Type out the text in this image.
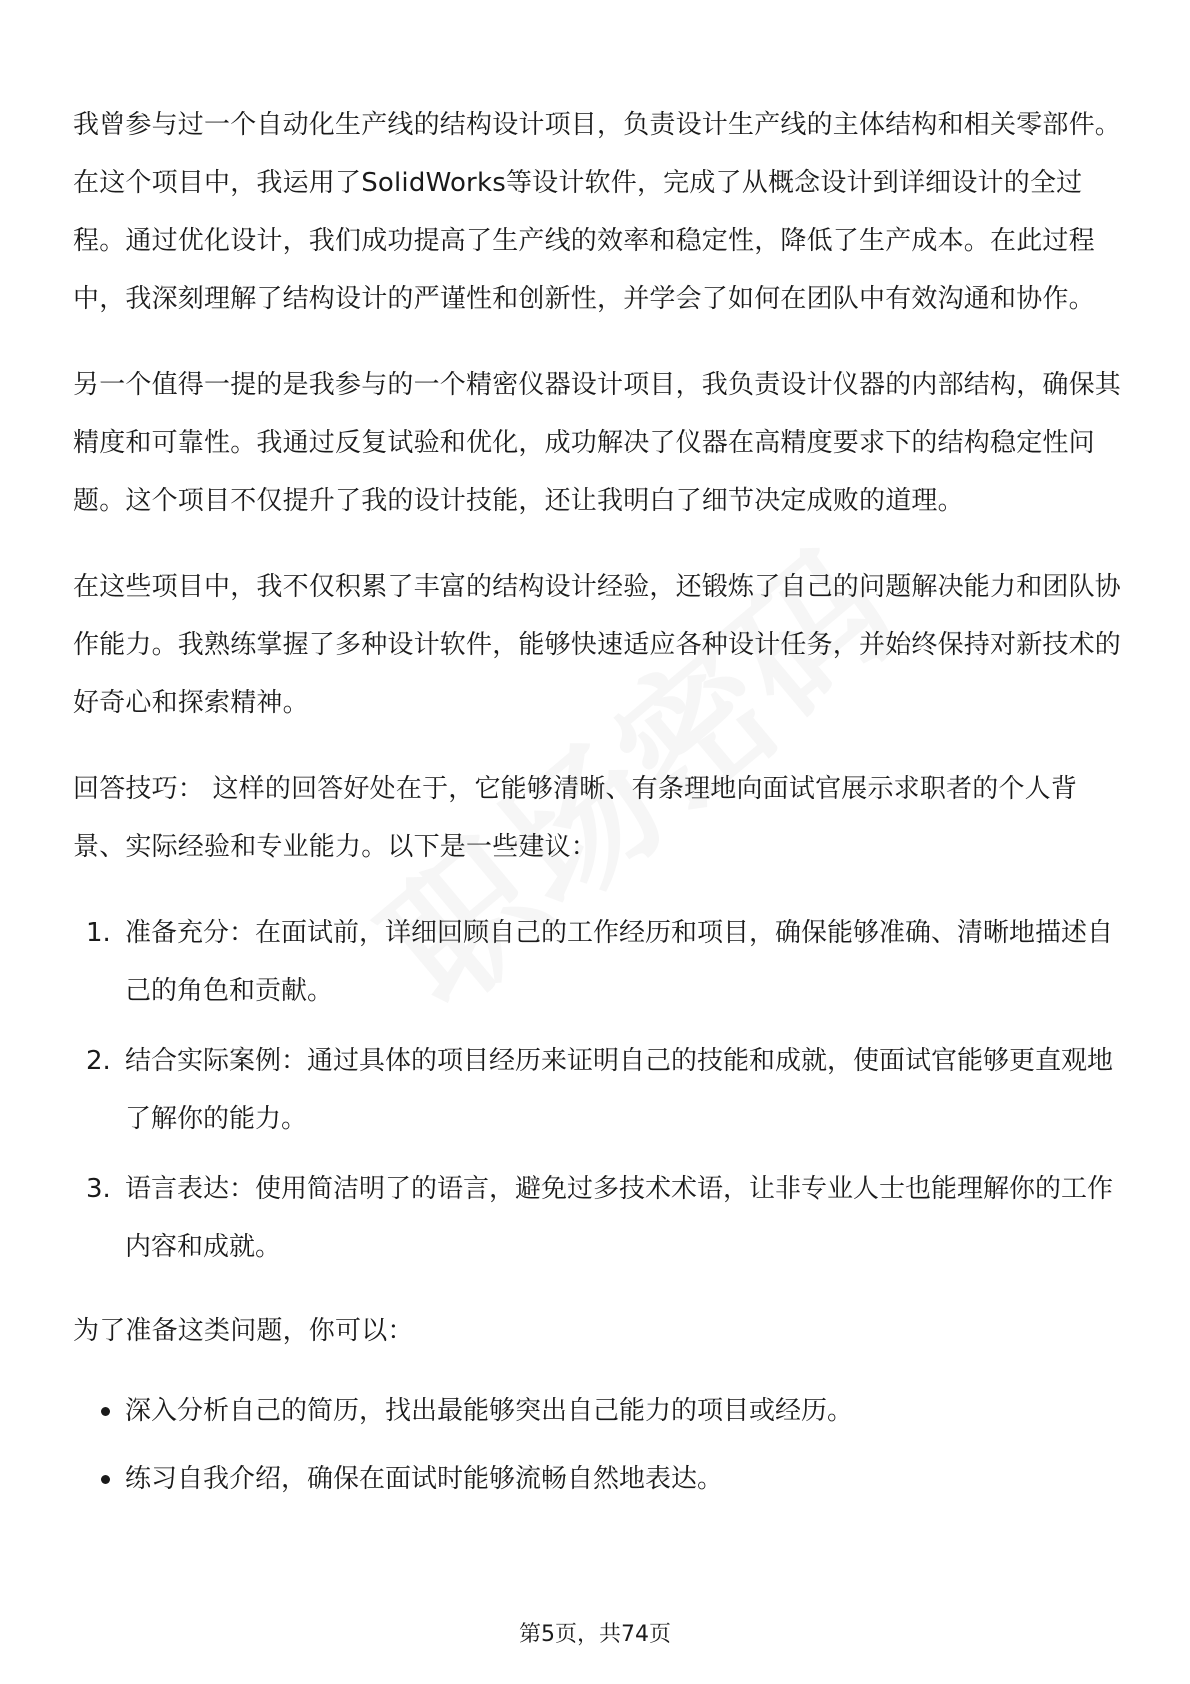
我曾参与过一个自动化生产线的结构设计项目，负责设计生产线的主体结构和相关零部件。在这个项目中，我运用了SolidWorks等设计软件，完成了从概念设计到详细设计的全过程。通过优化设计，我们成功提高了生产线的效率和稳定性，降低了生产成本。在此过程中，我深刻理解了结构设计的严谨性和创新性，并学会了如何在团队中有效沟通和协作。

另一个值得一提的是我参与的一个精密仪器设计项目，我负责设计仪器的内部结构，确保其精度和可靠性。我通过反复试验和优化，成功解决了仪器在高精度要求下的结构稳定性问题。这个项目不仅提升了我的设计技能，还让我明白了细节决定成败的道理。

在这些项目中，我不仅积累了丰富的结构设计经验，还锻炼了自己的问题解决能力和团队协作能力。我熟练掌握了多种设计软件，能够快速适应各种设计任务，并始终保持对新技术的好奇心和探索精神。

回答技巧： 这样的回答好处在于，它能够清晰、有条理地向面试官展示求职者的个人背景、实际经验和专业能力。以下是一些建议：

1. 准备充分：在面试前，详细回顾自己的工作经历和项目，确保能够准确、清晰地描述自己的角色和贡献。
2. 结合实际案例：通过具体的项目经历来证明自己的技能和成就，使面试官能够更直观地了解你的能力。
3. 语言表达：使用简洁明了的语言，避免过多技术术语，让非专业人士也能理解你的工作内容和成就。

为了准备这类问题，你可以：

深入分析自己的简历，找出最能够突出自己能力的项目或经历。
练习自我介绍，确保在面试时能够流畅自然地表达。
第5页，共74页
